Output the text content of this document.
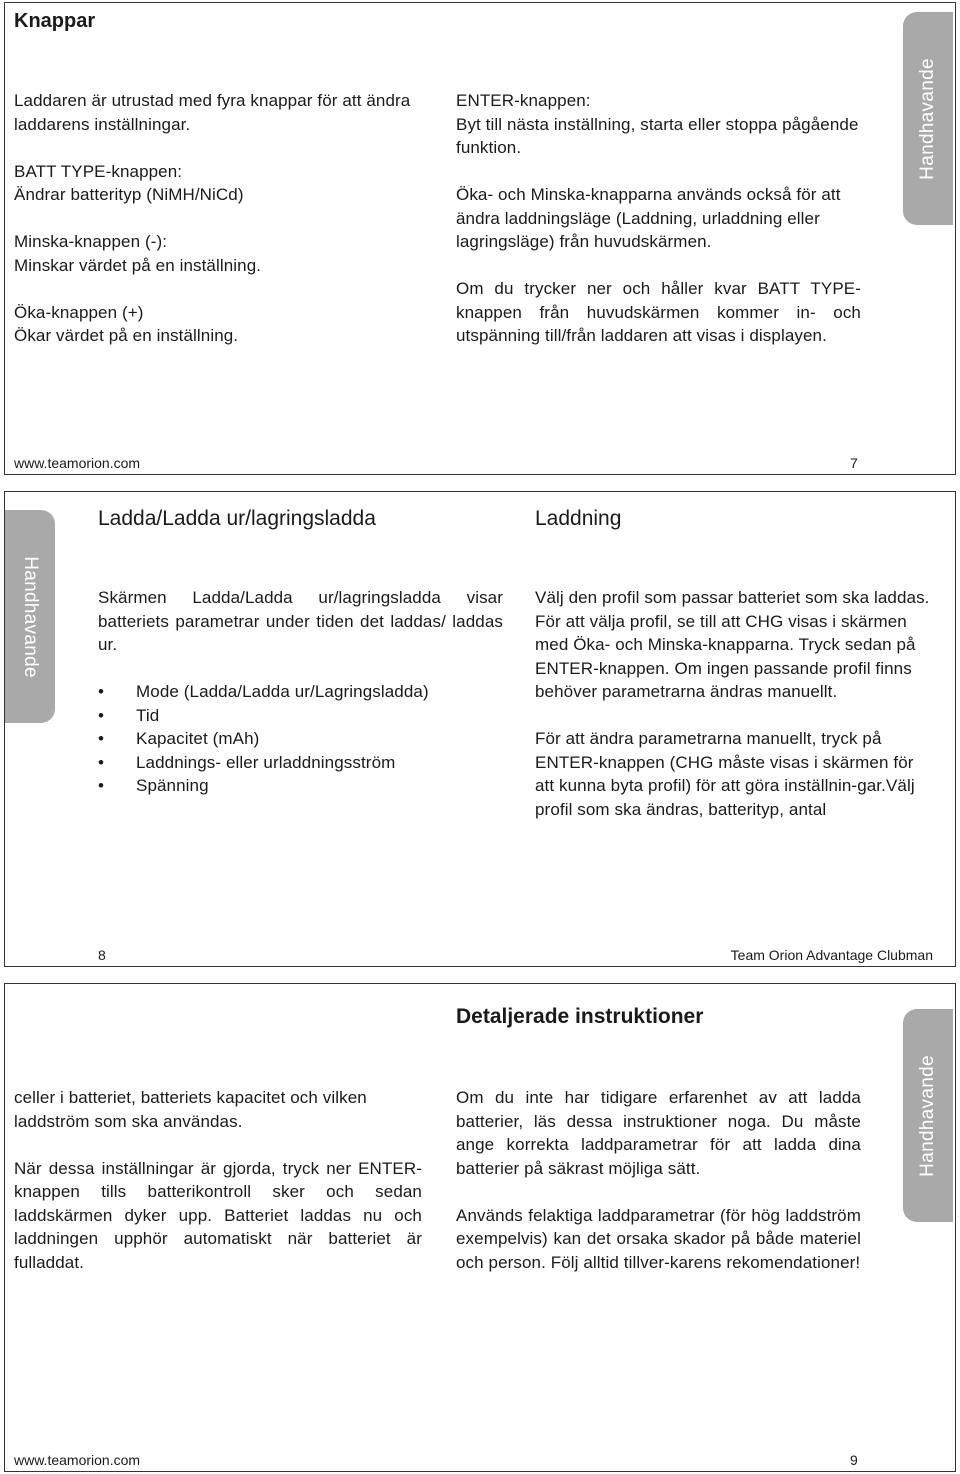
Knappar

Laddaren är utrustad med fyra knappar för att ändra laddarens inställningar.

BATT TYPE-knappen:

Ändrar batterityp (NiMH/NiCd)

Minska-knappen (-):

Minskar värdet på en inställning.

Öka-knappen (+)

Ökar värdet på en inställning.

ENTER-knappen:

Byt till nästa inställning, starta eller stoppa pågående funktion.

Öka- och Minska-knapparna används också för att ändra laddningsläge (Laddning, urladdning eller lagringsläge) från huvudskärmen.

Om du trycker ner och håller kvar BATT TYPE-knappen från huvudskärmen kommer in- och utspänning till/från laddaren att visas i displayen.

Handhavande
www.teamorion.com	7
Handhavande
Ladda/Ladda ur/lagringsladda	Laddning

Skärmen Ladda/Ladda ur/lagringsladda visar batteriets parametrar under tiden det laddas/ laddas ur.

• Mode (Ladda/Ladda ur/Lagringsladda)
• Tid
• Kapacitet (mAh)
• Laddnings- eller urladdningsström
• Spänning

Välj den profil som passar batteriet som ska laddas. För att välja profil, se till att CHG visas i skärmen med Öka- och Minska-knapparna. Tryck sedan på ENTER-knappen. Om ingen passande profil finns behöver parametrarna ändras manuellt.

För att ändra parametrarna manuellt, tryck på ENTER-knappen (CHG måste visas i skärmen för att kunna byta profil) för att göra inställnin-gar.Välj profil som ska ändras, batterityp, antal

8	Team Orion Advantage Clubman
Detaljerade instruktioner

celler i batteriet, batteriets kapacitet och vilken laddström som ska användas.

När dessa inställningar är gjorda, tryck ner ENTER-knappen tills batterikontroll sker och sedan laddskärmen dyker upp. Batteriet laddas nu och laddningen upphör automatiskt när batteriet är fulladdat.

Om du inte har tidigare erfarenhet av att ladda batterier, läs dessa instruktioner noga. Du måste ange korrekta laddparametrar för att ladda dina batterier på säkrast möjliga sätt.

Används felaktiga laddparametrar (för hög laddström exempelvis) kan det orsaka skador på både materiel och person. Följ alltid tillver-karens rekomendationer!

Handhavande
www.teamorion.com	9
